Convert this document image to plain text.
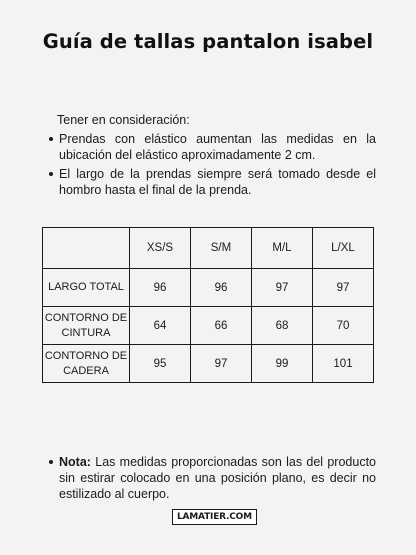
Guía de tallas pantalon isabel
Tener en consideración:
Prendas con elástico aumentan las medidas en la ubicación del elástico aproximadamente 2 cm.
El largo de la prendas siempre será tomado desde el hombro hasta el final de la prenda.
	XS/S	S/M	M/L	L/XL
LARGO TOTAL	96	96	97	97
CONTORNO DE CINTURA	64	66	68	70
CONTORNO DE CADERA	95	97	99	101
Nota: Las medidas proporcionadas son las del producto sin estirar colocado en una posición plano, es decir no estilizado al cuerpo.
LAMATIER.COM
